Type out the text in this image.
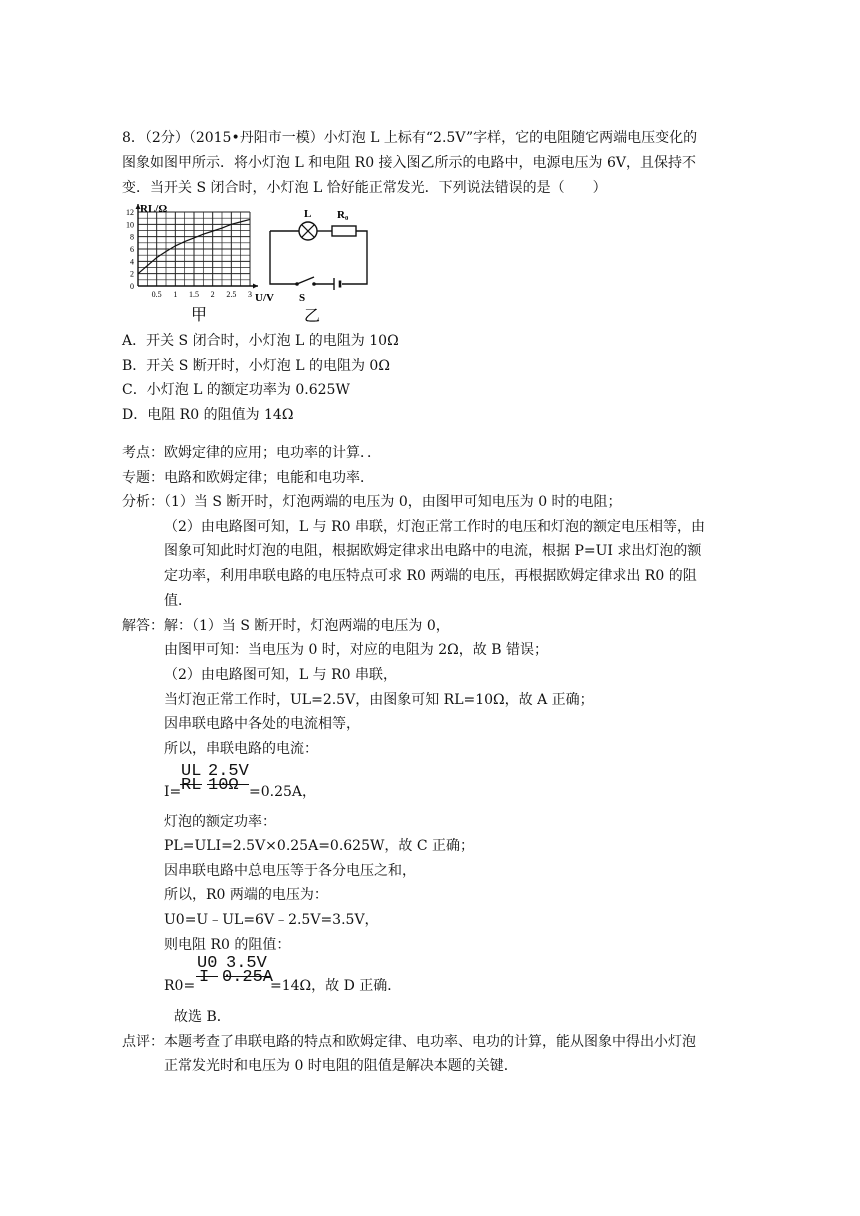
8．（2分）（2015•丹阳市一模）小灯泡 L 上标有“2.5V”字样，它的电阻随它两端电压变化的
图象如图甲所示．将小灯泡 L 和电阻 R0 接入图乙所示的电路中，电源电压为 6V，且保持不
变．当开关 S 闭合时，小灯泡 L 恰好能正常发光．下列说法错误的是（　　）
0
2
4
6
8
10
12
0.5 1 1.5 2 2.5 3
RL/Ω
U/V
甲
L R₀
S
乙
A．开关 S 闭合时，小灯泡 L 的电阻为 10Ω
B．开关 S 断开时，小灯泡 L 的电阻为 0Ω
C．小灯泡 L 的额定功率为 0.625W
D．电阻 R0 的阻值为 14Ω
考点：欧姆定律的应用；电功率的计算．．
专题：电路和欧姆定律；电能和电功率．
分析：（1）当 S 断开时，灯泡两端的电压为 0，由图甲可知电压为 0 时的电阻；
（2）由电路图可知，L 与 R0 串联，灯泡正常工作时的电压和灯泡的额定电压相等，由
图象可知此时灯泡的电阻，根据欧姆定律求出电路中的电流，根据 P=UI 求出灯泡的额
定功率，利用串联电路的电压特点可求 R0 两端的电压，再根据欧姆定律求出 R0 的阻
值．
解答：解：（1）当 S 断开时，灯泡两端的电压为 0，
由图甲可知：当电压为 0 时，对应的电阻为 2Ω，故 B 错误；
（2）由电路图可知，L 与 R0 串联，
当灯泡正常工作时，UL=2.5V，由图象可知 RL=10Ω，故 A 正确；
因串联电路中各处的电流相等，
所以，串联电路的电流：
UL
RL
2.5V
10Ω
I=	=0.25A，
灯泡的额定功率：
PL=ULI=2.5V×0.25A=0.625W，故 C 正确；
因串联电路中总电压等于各分电压之和，
所以，R0 两端的电压为：
U0=U﹣UL=6V﹣2.5V=3.5V，
则电阻 R0 的阻值：
U0
I
3.5V
0.25A
R0=	=14Ω，故 D 正确．
故选 B．
点评：本题考查了串联电路的特点和欧姆定律、电功率、电功的计算，能从图象中得出小灯泡
正常发光时和电压为 0 时电阻的阻值是解决本题的关键．
